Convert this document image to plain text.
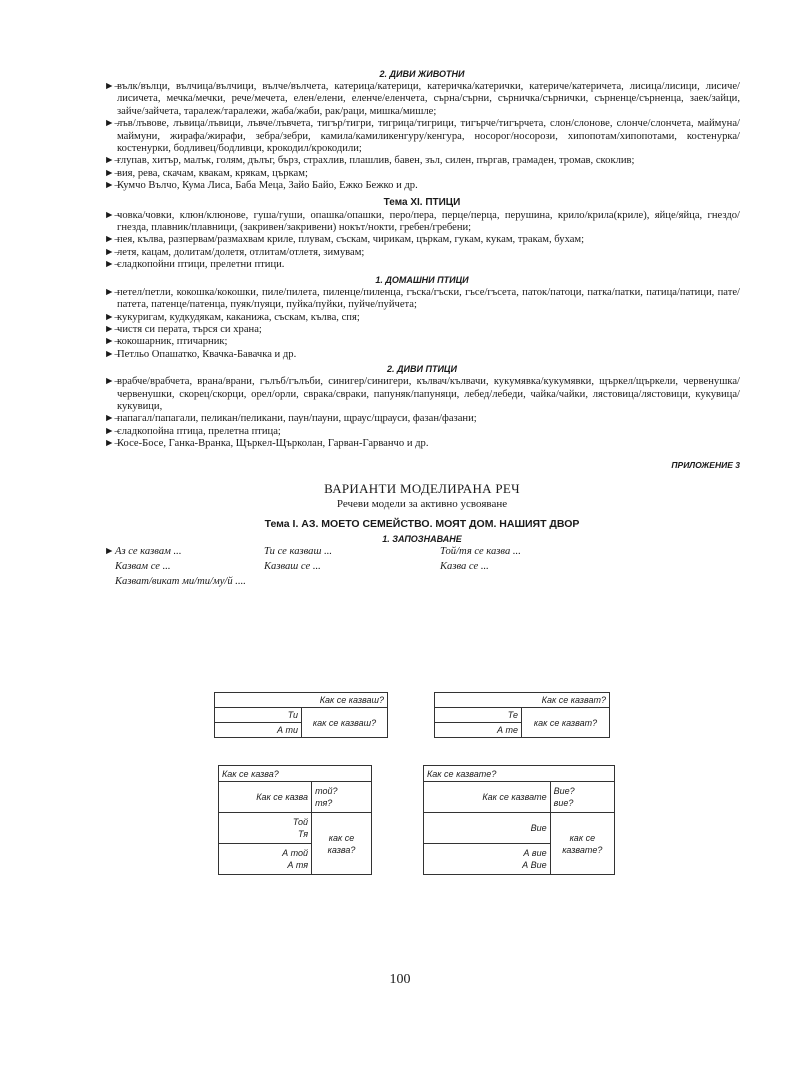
2. ДИВИ ЖИВОТНИ
►–
вълк/вълци, вълчица/вълчици, вълче/вълчета, катерица/катерици, катеричка/катерички, катериче/катеричета, лисица/лисици, лисиче/лисичета, мечка/мечки, рече/мечета, елен/елени, еленче/еленчета, сърна/сърни, сърничка/сърнички, сърненце/сърненца, заек/зайци, зайче/зайчета, таралеж/таралежи, жаба/жаби, рак/раци, мишка/мишле;
►–
лъв/лъвове, лъвица/лъвици, лъвче/лъвчета, тигър/тигри, тигрица/тигрици, тигърче/тигърчета, слон/слонове, слонче/слончета, маймуна/маймуни, жирафа/жирафи, зебра/зебри, камила/камиликенгуру/кенгура, носорог/носорози, хипопотам/хипопотами, костенурка/костенурки, бодливец/бодливци, крокодил/крокодили;
►–
глупав, хитър, малък, голям, дълъг, бърз, страхлив, плашлив, бавен, зъл, силен, пъргав, грамаден, тромав, скоклив;
►–
вия, рева, скачам, квакам, крякам, църкам;
►–
Кумчо Вълчо, Кума Лиса, Баба Меца, Зайо Байо, Ежко Бежко и др.
Тема XI. ПТИЦИ
►–
човка/човки, клюн/клюнове, гуша/гуши, опашка/опашки, перо/пера, перце/перца, перушина, крило/крила(криле), яйце/яйца, гнездо/гнезда, плавник/плавници, (закривен/закривени) нокът/нокти, гребен/гребени;
►–
пея, кълва, разпервам/размахвам криле, плувам, съскам, чирикам, църкам, гукам, кукам, тракам, бухам;
►–
летя, кацам, долитам/долетя, отлитам/отлетя, зимувам;
►–
сладкопойни птици, прелетни птици.
1. ДОМАШНИ ПТИЦИ
►–
петел/петли, кокошка/кокошки, пиле/пилета, пиленце/пиленца, гъска/гъски, гъсе/гъсета, паток/патоци, патка/патки, патица/патици, пате/патета, патенце/патенца, пуяк/пуяци, пуйка/пуйки, пуйче/пуйчета;
►–
кукуригам, кудкудякам, каканижа, съскам, кълва, спя;
►–
чистя си перата, търся си храна;
►–
кокошарник, птичарник;
►–
Петльо Опашатко, Квачка-Бавачка и др.
2. ДИВИ ПТИЦИ
►–
врабче/врабчета, врана/врани, гълъб/гълъби, синигер/синигери, кълвач/кълвачи, кукумявка/кукумявки, щъркел/щъркели, червенушка/червенушки, скорец/скорци, орел/орли, сврака/свраки, папуняк/папуняци, лебед/лебеди, чайка/чайки, лястовица/лястовици, кукувица/кукувици,
►–
папагал/папагали, пеликан/пеликани, паун/пауни, щраус/щрауси, фазан/фазани;
►–
сладкопойна птица, прелетна птица;
►–
Косе-Босе, Ганка-Вранка, Щъркел-Щърколан, Гарван-Гарванчо и др.
ПРИЛОЖЕНИЕ 3
ВАРИАНТИ МОДЕЛИРАНА РЕЧ
Речеви модели за активно усвояване
Тема I. АЗ. МОЕТО СЕМЕЙСТВО. МОЯТ ДОМ. НАШИЯТ ДВОР
1. ЗАПОЗНАВАНЕ
► Аз се казвам ...	Ти се казваш ...	Той/тя се казва ...
Казвам се ...	Казваш се ...	Казва се ...
Казват/викат ми/ти/му/й ....
Как се казваш?
Ти	как се казваш?
А ти
Как се казват?
Те	как се казват?
А те
Как се казва?	
Как се казва	той?
тя?

Той
Тя	как се казва?

А той
А тя	
Как се казвате?	
Как се казвате	Вие?
вие?

Вие	как се казвате?

А вие
А Вие	
100
